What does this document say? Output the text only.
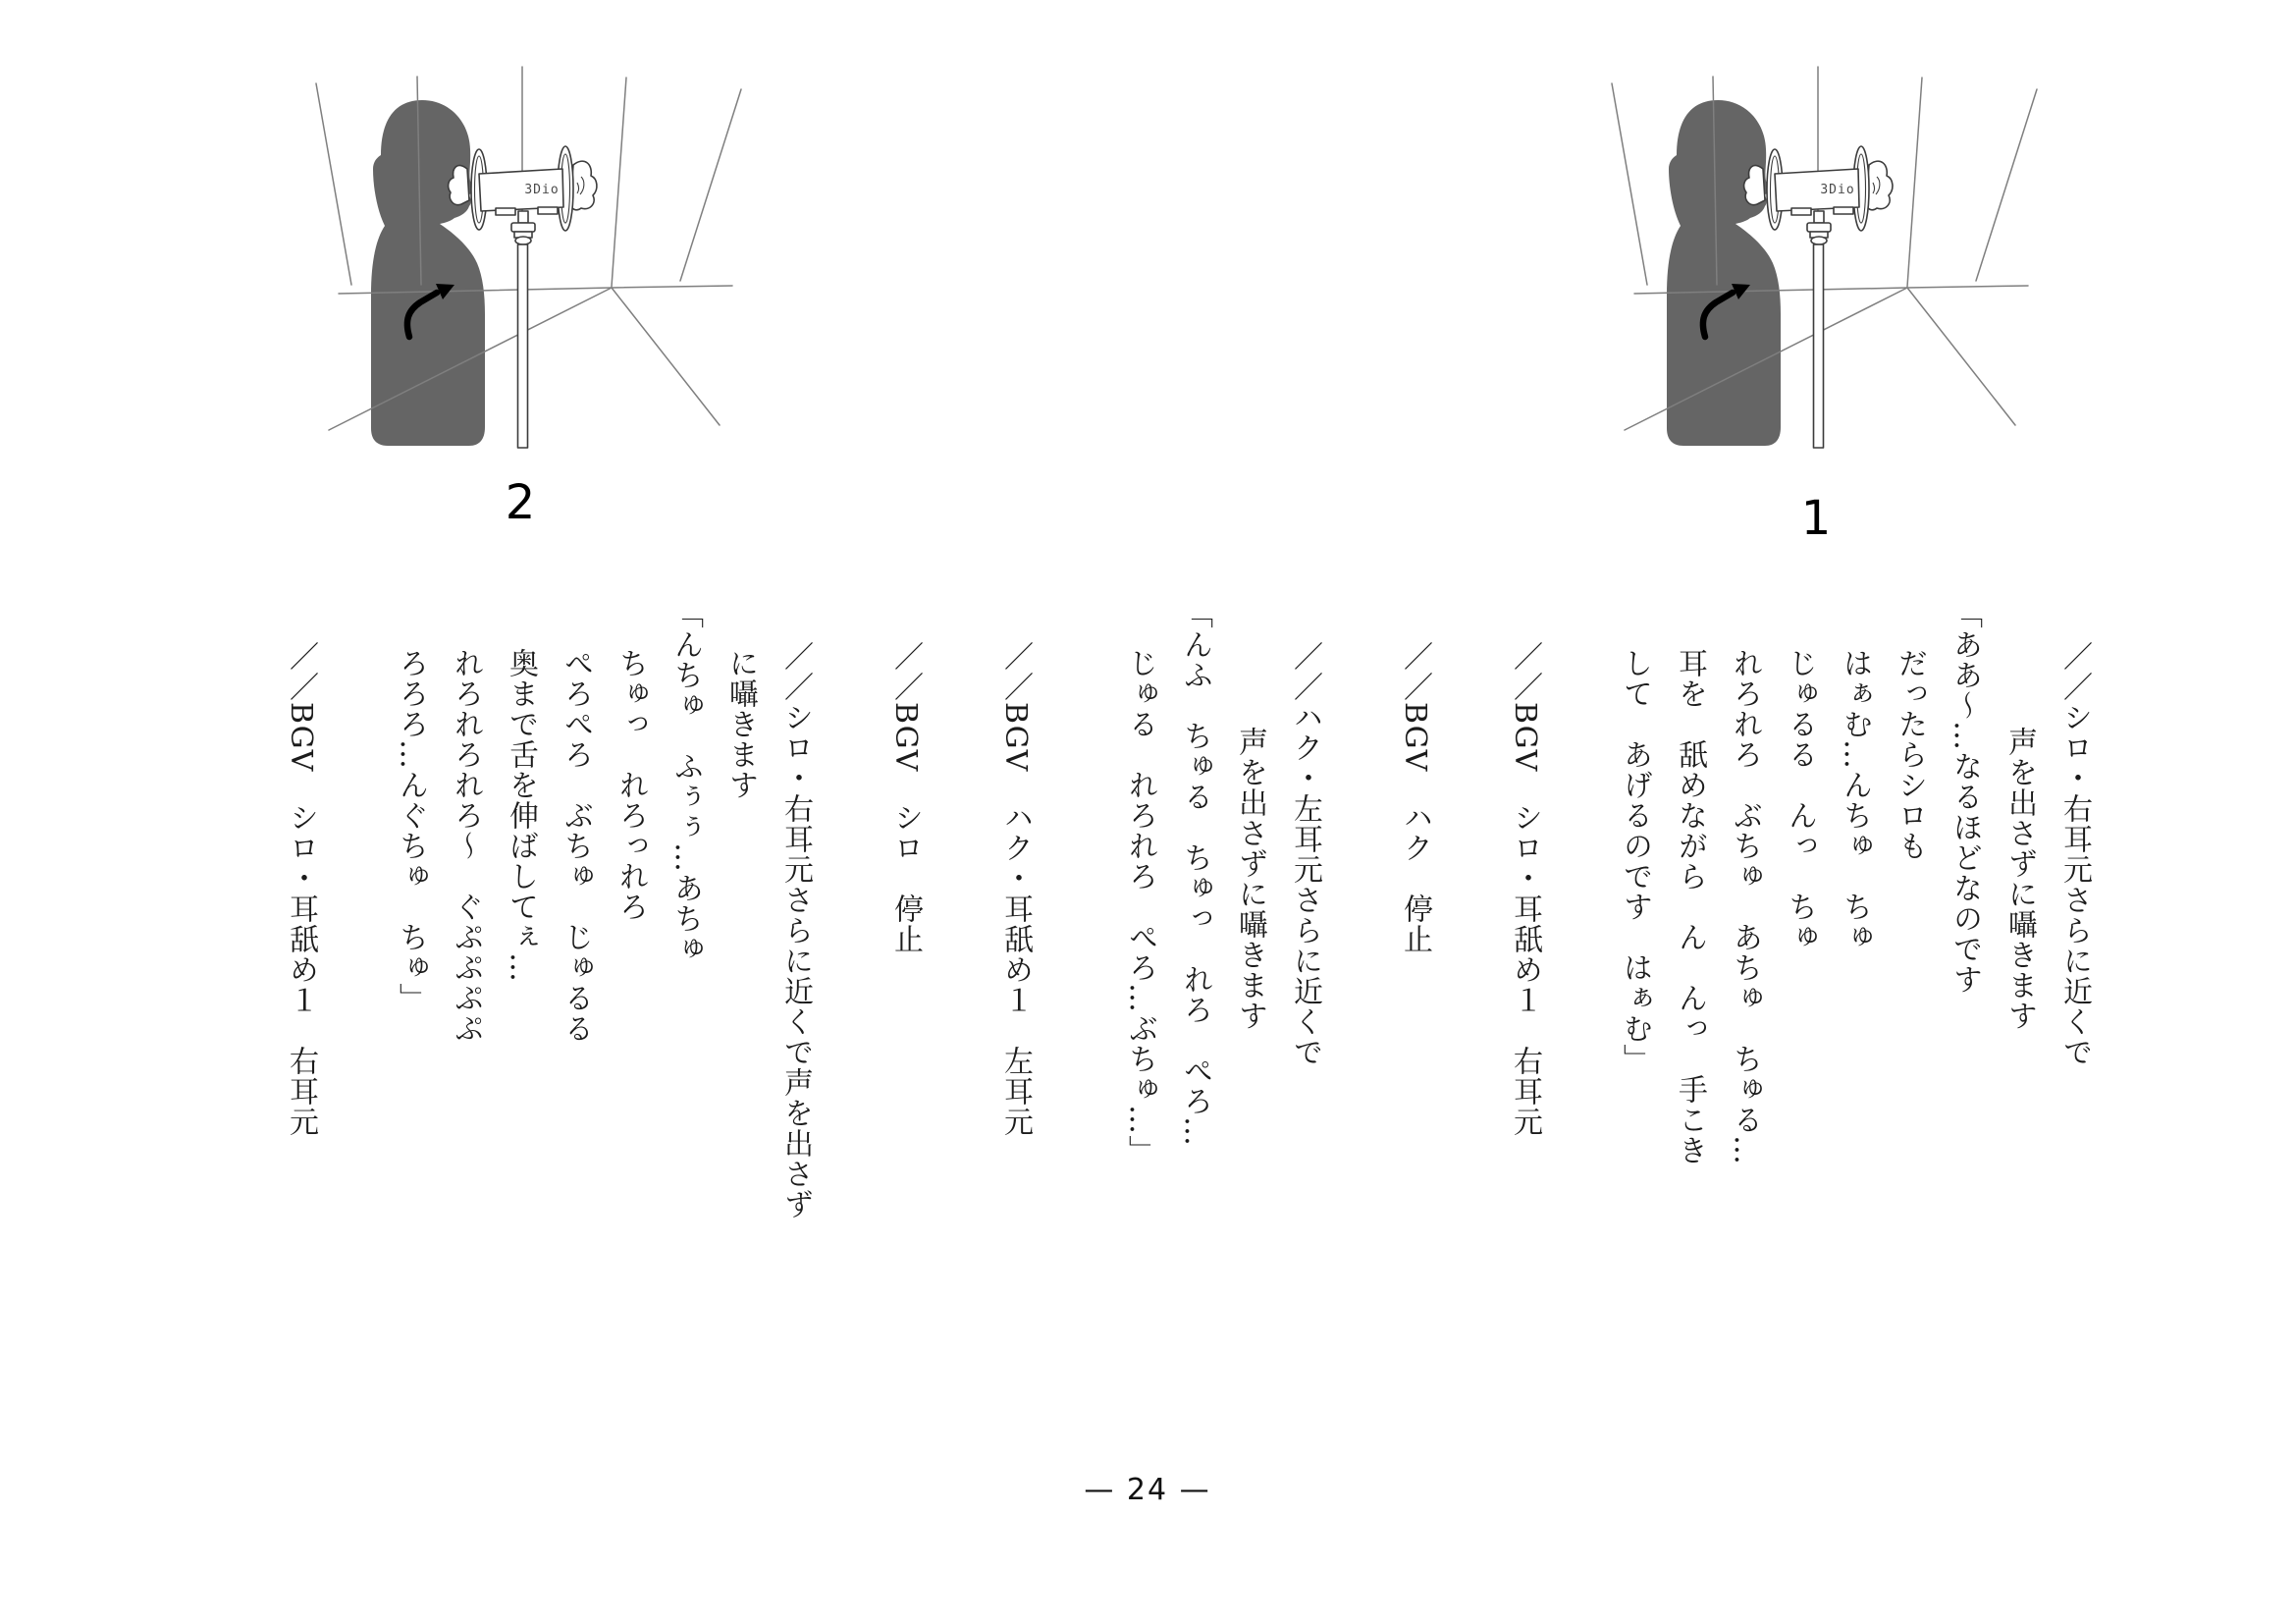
3Dio	3Dio
2	1

／／シロ・右耳元さらに近くで

声を出さずに囁きます

「ああ～…なるほどなのです

だったらシロも

はぁむ…んちゅ　ちゅ

じゅるる　んっ　ちゅ

れろれろ　ぶちゅ　あちゅ　ちゅる…

耳を　舐めながら　ん　んっ　手こき

して　あげるのです　はぁむ」

／／BGV　シロ・耳舐め１　右耳元

／／BGV　ハク　停止

／／ハク・左耳元さらに近くで

声を出さずに囁きます

「んふ　ちゅる　ちゅっ　れろ　ぺろ…

じゅる　れろれろ　ぺろ…ぶちゅ…」

／／BGV　ハク・耳舐め１　左耳元

／／BGV　シロ　停止

／／シロ・右耳元さらに近くで声を出さず

に囁きます

「んちゅ　ふぅぅ…あちゅ

ちゅっ　れろっれろ

ぺろぺろ　ぶちゅ　じゅるる

奥まで舌を伸ばしてぇ…

れろれろれろ～　ぐぷぷぷぷ

ろろろ…んぐちゅ　ちゅ」

／／BGV　シロ・耳舐め１　右耳元

— 24 —
